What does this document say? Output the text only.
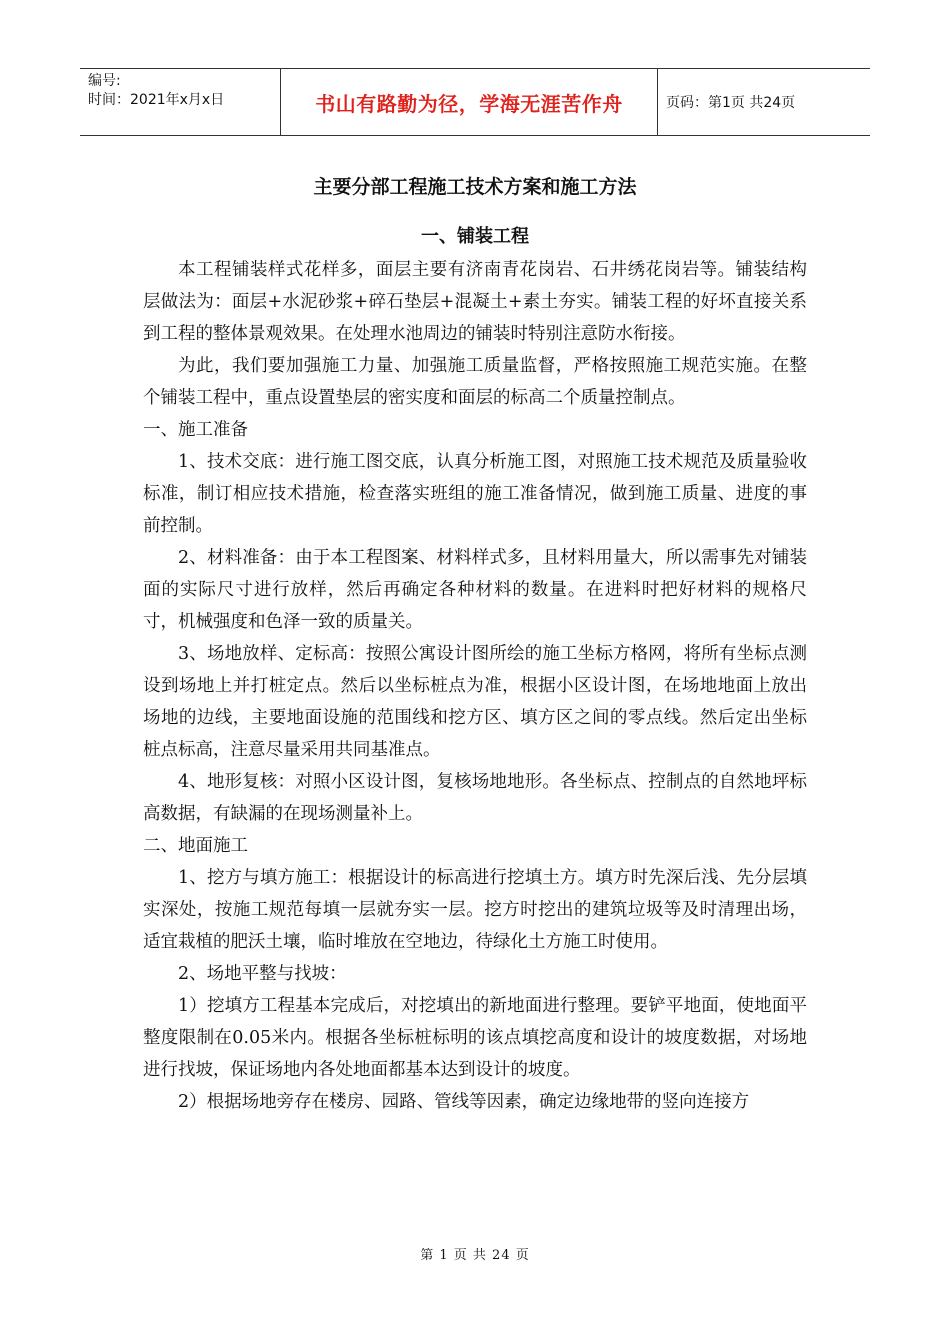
编号:
时间：2021年x月x日	书山有路勤为径，学海无涯苦作舟	页码：第1页 共24页
主要分部工程施工技术方案和施工方法
一、铺装工程

本工程铺装样式花样多，面层主要有济南青花岗岩、石井绣花岗岩等。铺装结构层做法为：面层+水泥砂浆+碎石垫层+混凝土+素土夯实。铺装工程的好坏直接关系到工程的整体景观效果。在处理水池周边的铺装时特别注意防水衔接。

为此，我们要加强施工力量、加强施工质量监督，严格按照施工规范实施。在整个铺装工程中，重点设置垫层的密实度和面层的标高二个质量控制点。

一、施工准备

1、技术交底：进行施工图交底，认真分析施工图，对照施工技术规范及质量验收标准，制订相应技术措施，检查落实班组的施工准备情况，做到施工质量、进度的事前控制。

2、材料准备：由于本工程图案、材料样式多，且材料用量大，所以需事先对铺装面的实际尺寸进行放样，然后再确定各种材料的数量。在进料时把好材料的规格尺寸，机械强度和色泽一致的质量关。

3、场地放样、定标高：按照公寓设计图所绘的施工坐标方格网，将所有坐标点测设到场地上并打桩定点。然后以坐标桩点为准，根据小区设计图，在场地地面上放出场地的边线，主要地面设施的范围线和挖方区、填方区之间的零点线。然后定出坐标桩点标高，注意尽量采用共同基准点。

4、地形复核：对照小区设计图，复核场地地形。各坐标点、控制点的自然地坪标高数据，有缺漏的在现场测量补上。

二、地面施工

1、挖方与填方施工：根据设计的标高进行挖填土方。填方时先深后浅、先分层填实深处，按施工规范每填一层就夯实一层。挖方时挖出的建筑垃圾等及时清理出场，适宜栽植的肥沃土壤，临时堆放在空地边，待绿化土方施工时使用。

2、场地平整与找坡：

1）挖填方工程基本完成后，对挖填出的新地面进行整理。要铲平地面，使地面平整度限制在0.05米内。根据各坐标桩标明的该点填挖高度和设计的坡度数据，对场地进行找坡，保证场地内各处地面都基本达到设计的坡度。

2）根据场地旁存在楼房、园路、管线等因素，确定边缘地带的竖向连接方

第 1 页 共 24 页
